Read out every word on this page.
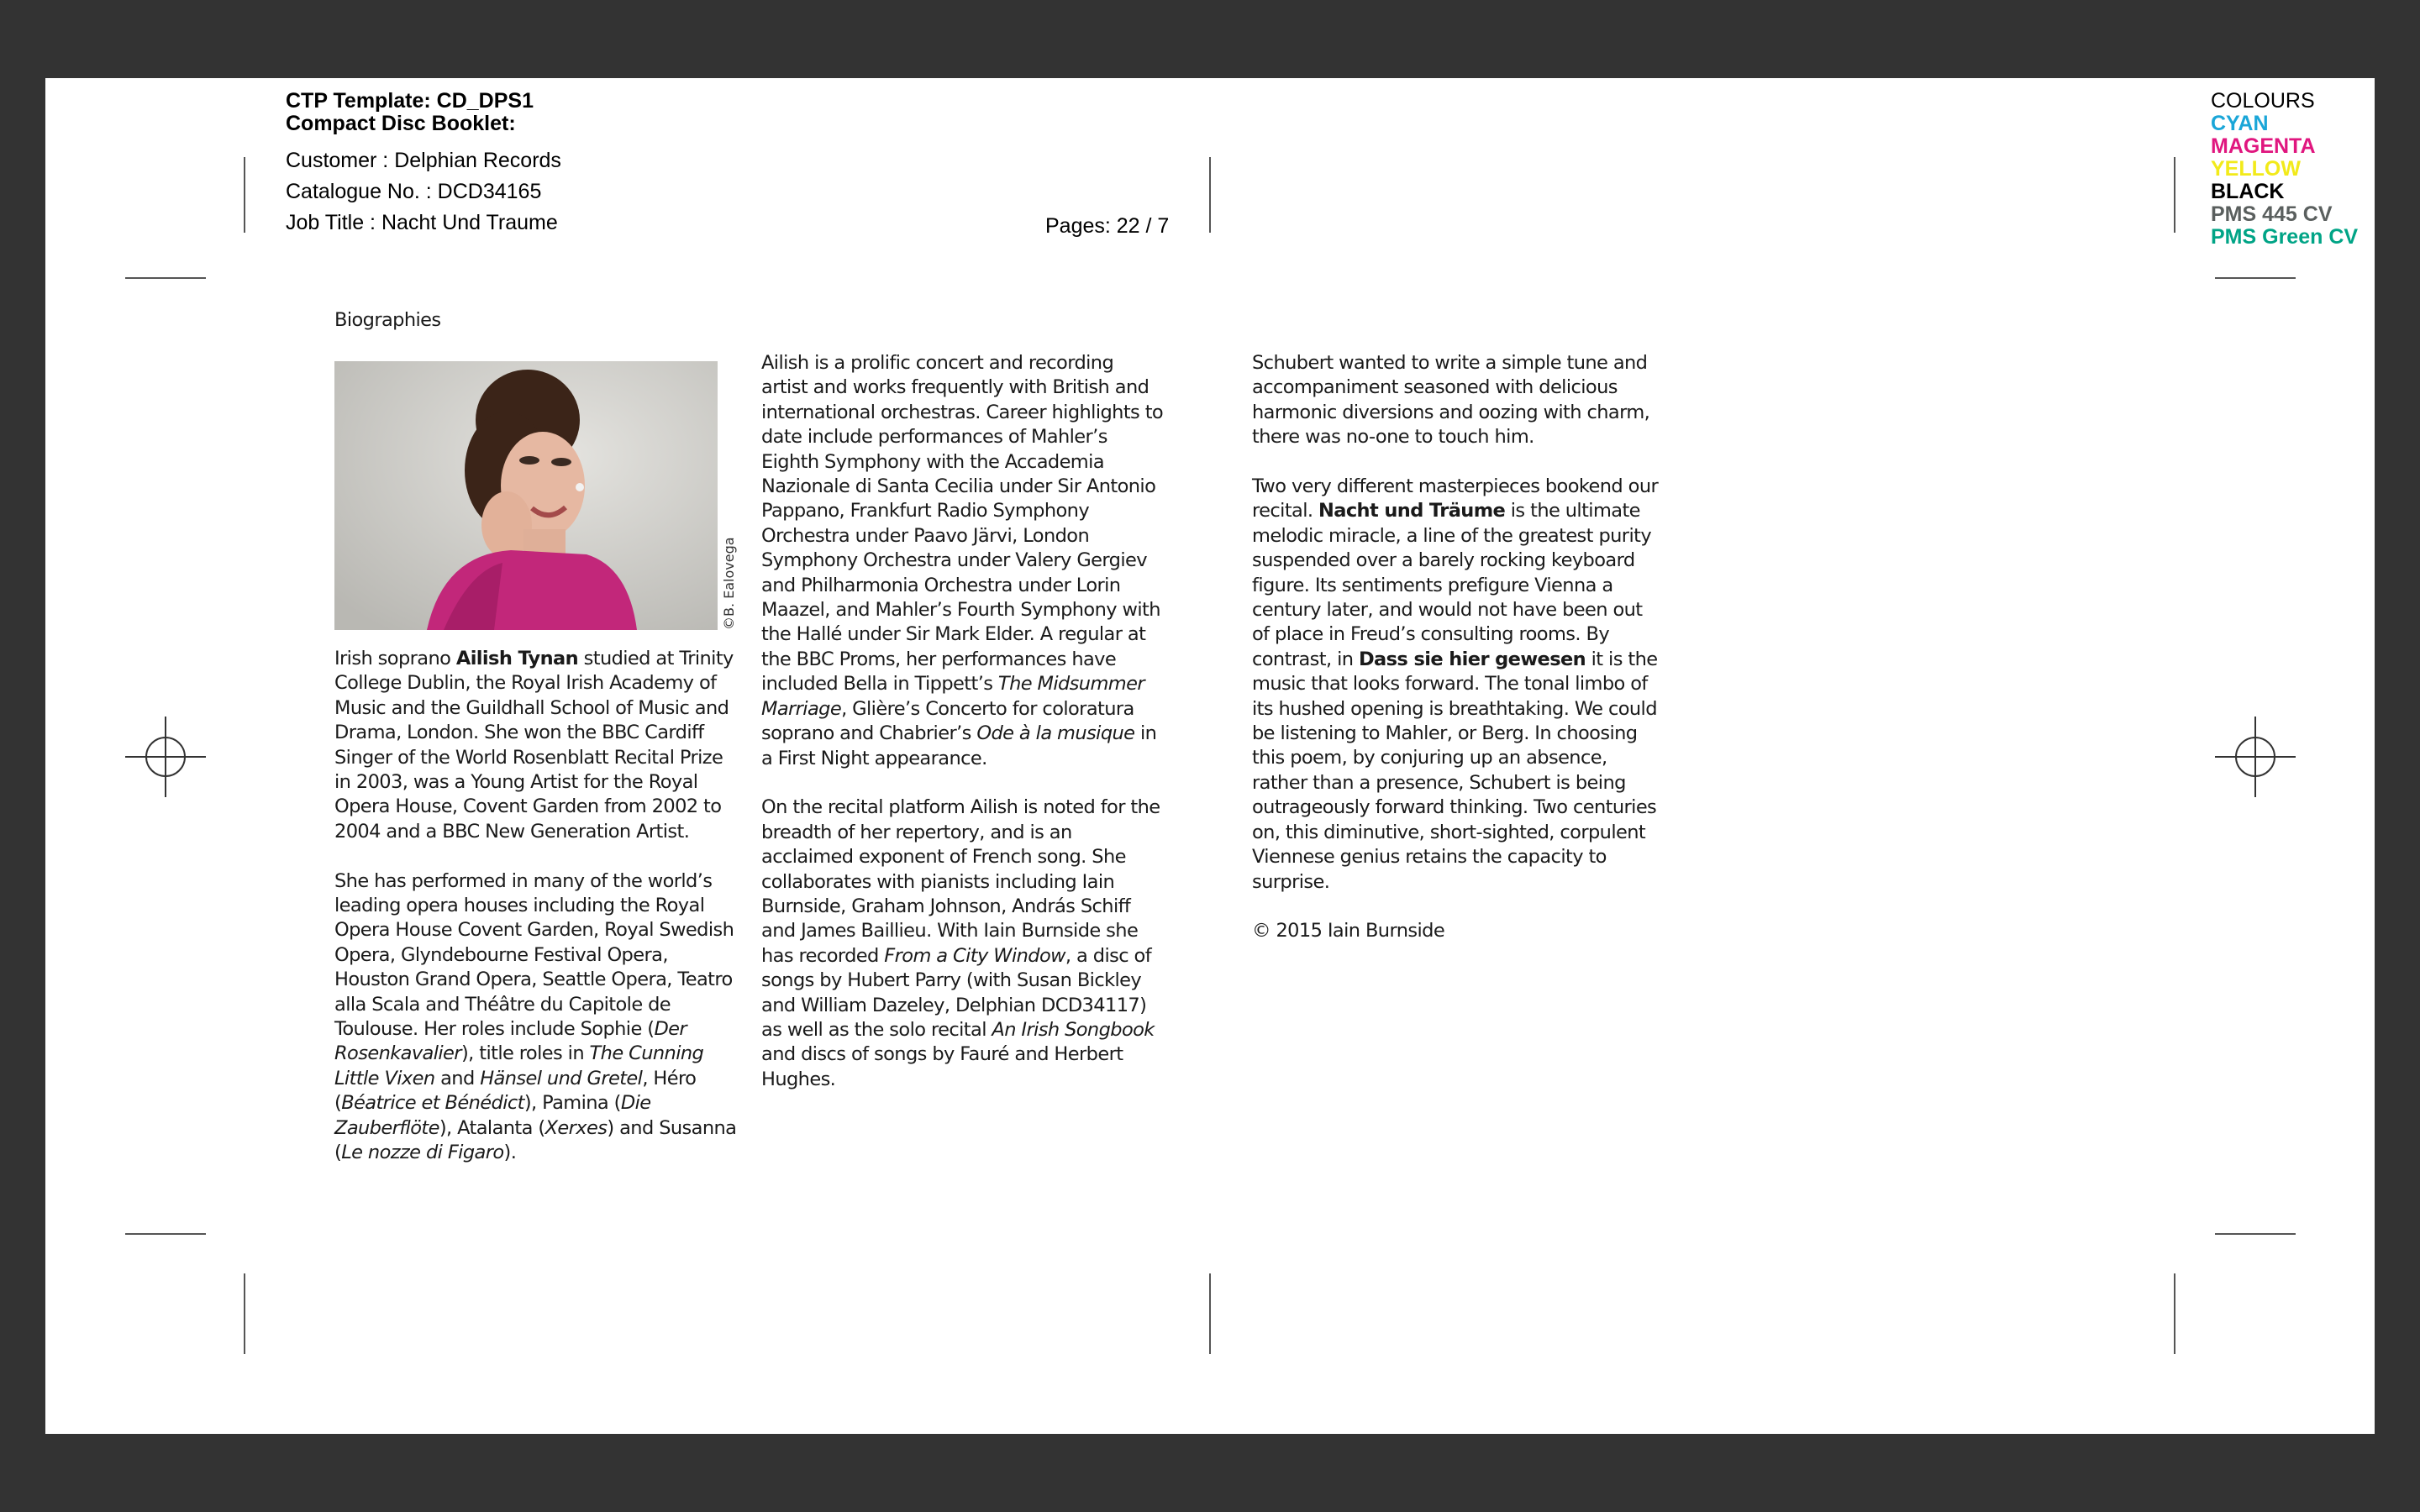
CTP Template: CD_DPS1
Compact Disc Booklet:
Customer : Delphian Records
Catalogue No. : DCD34165
Job Title : Nacht Und Traume	Pages: 22 / 7
COLOURS
CYAN
MAGENTA
YELLOW
BLACK
PMS 445 CV
PMS Green CV
Biographies
©B. Ealovega

Irish soprano Ailish Tynan studied at Trinity College Dublin, the Royal Irish Academy of Music and the Guildhall School of Music and Drama, London. She won the BBC Cardiff Singer of the World Rosenblatt Recital Prize in 2003, was a Young Artist for the Royal Opera House, Covent Garden from 2002 to 2004 and a BBC New Generation Artist.

She has performed in many of the world’s leading opera houses including the Royal Opera House Covent Garden, Royal Swedish Opera, Glyndebourne Festival Opera, Houston Grand Opera, Seattle Opera, Teatro alla Scala and Théâtre du Capitole de Toulouse. Her roles include Sophie (Der Rosenkavalier), title roles in The Cunning Little Vixen and Hänsel und Gretel, Héro (Béatrice et Bénédict), Pamina (Die Zauberflöte), Atalanta (Xerxes) and Susanna (Le nozze di Figaro).

Ailish is a prolific concert and recording artist and works frequently with British and international orchestras. Career highlights to date include performances of Mahler’s Eighth Symphony with the Accademia Nazionale di Santa Cecilia under Sir Antonio Pappano, Frankfurt Radio Symphony Orchestra under Paavo Järvi, London Symphony Orchestra under Valery Gergiev and Philharmonia Orchestra under Lorin Maazel, and Mahler’s Fourth Symphony with the Hallé under Sir Mark Elder. A regular at the BBC Proms, her performances have included Bella in Tippett’s The Midsummer Marriage, Glière’s Concerto for coloratura soprano and Chabrier’s Ode à la musique in a First Night appearance.

On the recital platform Ailish is noted for the breadth of her repertory, and is an acclaimed exponent of French song. She collaborates with pianists including Iain Burnside, Graham Johnson, András Schiff and James Baillieu. With Iain Burnside she has recorded From a City Window, a disc of songs by Hubert Parry (with Susan Bickley and William Dazeley, Delphian DCD34117) as well as the solo recital An Irish Songbook and discs of songs by Fauré and Herbert Hughes.

Schubert wanted to write a simple tune and accompaniment seasoned with delicious harmonic diversions and oozing with charm, there was no-one to touch him.

Two very different masterpieces bookend our recital. Nacht und Träume is the ultimate melodic miracle, a line of the greatest purity suspended over a barely rocking keyboard figure. Its sentiments prefigure Vienna a century later, and would not have been out of place in Freud’s consulting rooms. By contrast, in Dass sie hier gewesen it is the music that looks forward. The tonal limbo of its hushed opening is breathtaking. We could be listening to Mahler, or Berg. In choosing this poem, by conjuring up an absence, rather than a presence, Schubert is being outrageously forward thinking. Two centuries on, this diminutive, short-sighted, corpulent Viennese genius retains the capacity to surprise.

© 2015 Iain Burnside
